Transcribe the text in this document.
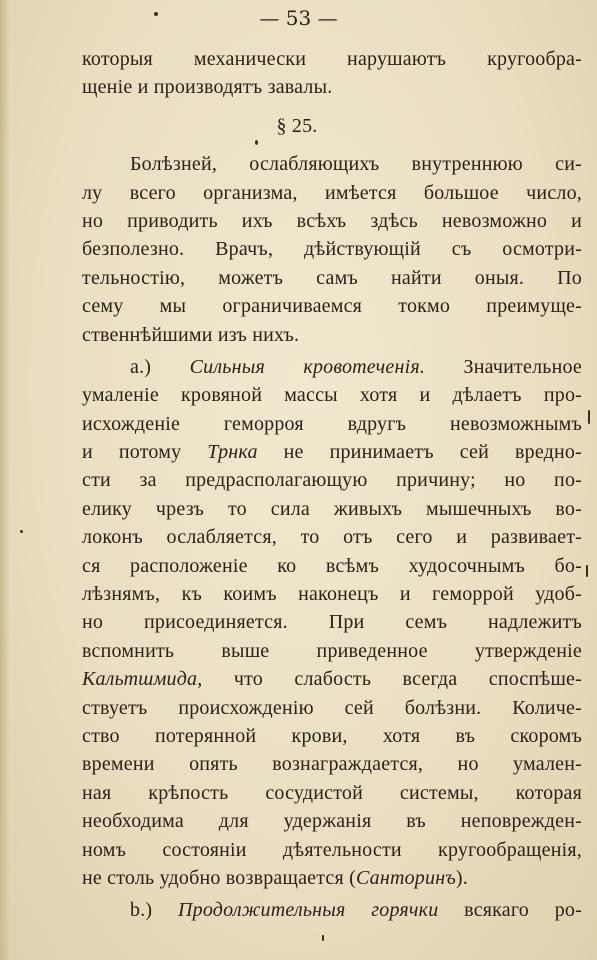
— 53 —
которыя механически нарушаютъ кругообра-
щеніе и производятъ завалы.
§ 25.
Болѣзней, ослабляющихъ внутреннюю си-
лу всего организма, имѣется большое число,
но приводить ихъ всѣхъ здѣсь невозможно и
безполезно. Врачъ, дѣйствующій съ осмотри-
тельностію, можетъ самъ найти оныя. По
сему мы ограничиваемся токмо преимуще-
ственнѣйшими изъ нихъ.
а.) Сильныя кровотеченія. Значительное
умаленіе кровяной массы хотя и дѣлаетъ про-
исхожденіе геморроя вдругъ невозможнымъ
и потому Трнка не принимаетъ сей вредно-
сти за предрасполагающую причину; но по-
елику чрезъ то сила живыхъ мышечныхъ во-
локонъ ослабляется, то отъ сего и развивает-
ся расположеніе ко всѣмъ худосочнымъ бо-
лѣзнямъ, къ коимъ наконецъ и геморрой удоб-
но присоединяется. При семъ надлежитъ
вспомнить выше приведенное утвержденіе
Кальтшмида, что слабость всегда споспѣше-
ствуетъ происхожденію сей болѣзни. Количе-
ство потерянной крови, хотя въ скоромъ
времени опять вознаграждается, но умален-
ная крѣпость сосудистой системы, которая
необходима для удержанія въ неповрежден-
номъ состояніи дѣятельности кругообращенія,
не столь удобно возвращается (Санторинъ).
b.) Продолжительныя горячки всякаго ро-
